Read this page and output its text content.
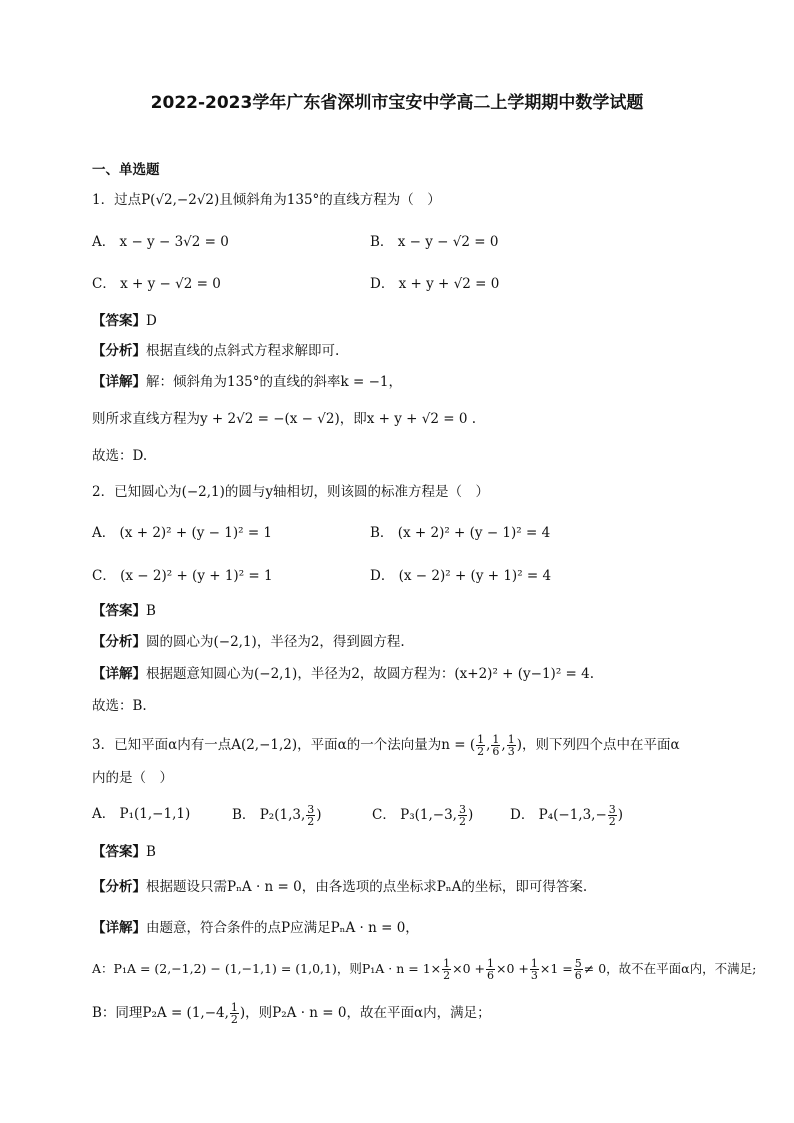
2022-2023学年广东省深圳市宝安中学高二上学期期中数学试题
一、单选题
1．过点P(√2,−2√2)且倾斜角为135°的直线方程为（　）
A． x − y − 3√2 = 0	B． x − y − √2 = 0
C． x + y − √2 = 0	D． x + y + √2 = 0
【答案】D
【分析】根据直线的点斜式方程求解即可.
【详解】解：倾斜角为135°的直线的斜率k = −1，
则所求直线方程为y + 2√2 = −(x − √2)，即x + y + √2 = 0 .
故选：D.
2．已知圆心为(−2,1)的圆与y轴相切，则该圆的标准方程是（　）
A． (x + 2)² + (y − 1)² = 1	B． (x + 2)² + (y − 1)² = 4
C． (x − 2)² + (y + 1)² = 1	D． (x − 2)² + (y + 1)² = 4
【答案】B
【分析】圆的圆心为(−2,1)，半径为2，得到圆方程.
【详解】根据题意知圆心为(−2,1)，半径为2，故圆方程为：(x+2)² + (y−1)² = 4.
故选：B.
3．已知平面α内有一点A(2,−1,2)，平面α的一个法向量为n = ( $\frac{1}{2}$ , $\frac{1}{6}$ , $\frac{1}{3}$ )，则下列四个点中在平面α
内的是（　）
A． P₁(1,−1,1)	B． P₂(1,3, $\frac{3}{2}$ )	C． P₃(1,−3, $\frac{3}{2}$ )	D． $P_4(-1,3,- \frac{3}{2}$ )
【答案】B
【分析】根据题设只需PₙA · n = 0，由各选项的点坐标求PₙA的坐标，即可得答案.
【详解】由题意，符合条件的点P应满足PₙA · n = 0，
A：P₁A = (2,−1,2) − (1,−1,1) = (1,0,1)，则$P_1A \cdot n = 1\times \frac{1}{2} \times 0 + \frac{1}{6} \times 0 + \frac{1}{3} \times 1 = \frac{5}{6} \ne 0$，故不在平面α内，不满足;
B：同理P₂A = (1,−4, $\frac{1}{2}$ )，则P₂A · n = 0，故在平面α内，满足；
